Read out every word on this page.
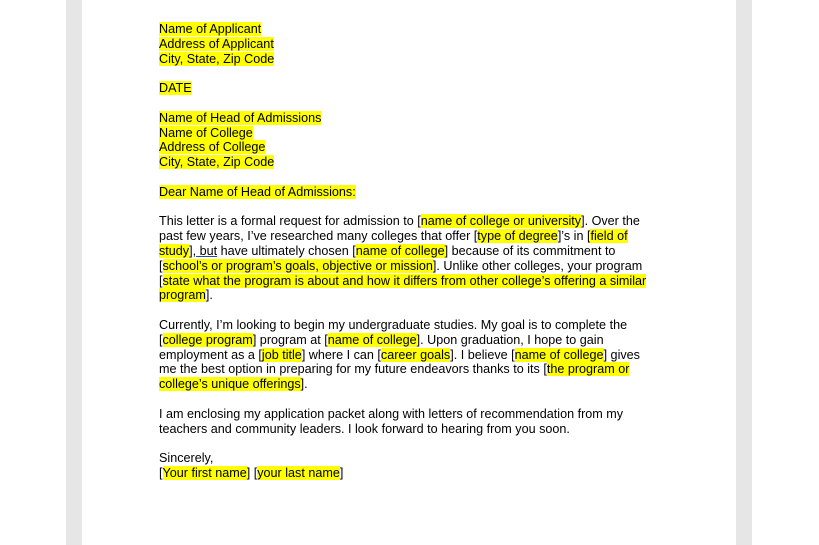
Name of Applicant
Address of Applicant
City, State, Zip Code

DATE

Name of Head of Admissions
Name of College
Address of College
City, State, Zip Code

Dear Name of Head of Admissions:

This letter is a formal request for admission to [name of college or university]. Over the past few years, I’ve researched many colleges that offer [type of degree]’s in [field of study], but have ultimately chosen [name of college] because of its commitment to [school’s or program’s goals, objective or mission]. Unlike other colleges, your program [state what the program is about and how it differs from other college’s offering a similar program].

Currently, I’m looking to begin my undergraduate studies. My goal is to complete the [college program] program at [name of college]. Upon graduation, I hope to gain employment as a [job title] where I can [career goals]. I believe [name of college] gives me the best option in preparing for my future endeavors thanks to its [the program or college’s unique offerings].

I am enclosing my application packet along with letters of recommendation from my teachers and community leaders. I look forward to hearing from you soon.

Sincerely,

[Your first name] [your last name]
